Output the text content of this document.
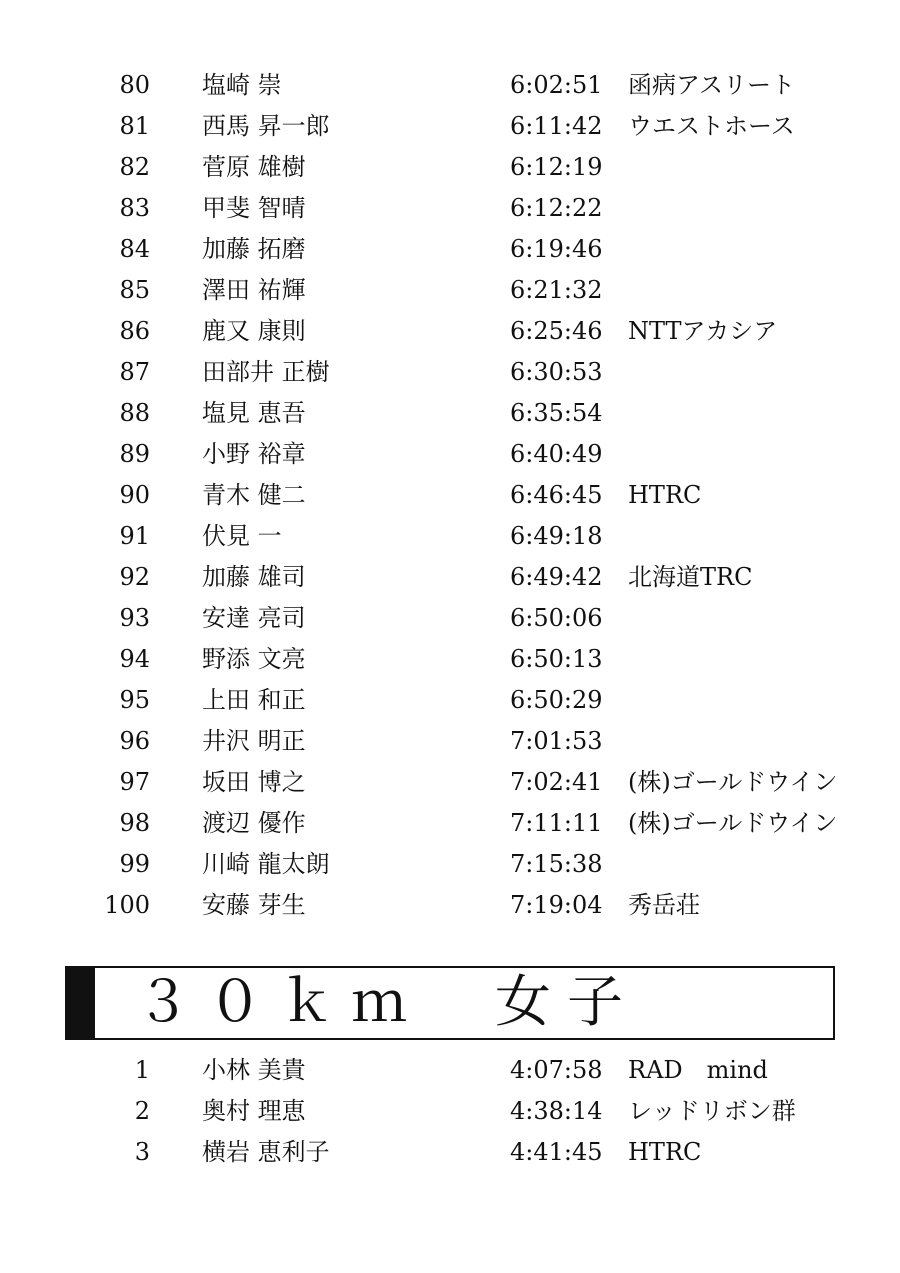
80 塩崎 崇	6:02:51 函病アスリート
81 西馬 昇一郎	6:11:42 ウエストホース
82 菅原 雄樹	6:12:19
83 甲斐 智晴	6:12:22
84 加藤 拓磨	6:19:46
85 澤田 祐輝	6:21:32
86 鹿又 康則	6:25:46 NTTアカシア
87 田部井 正樹	6:30:53
88 塩見 恵吾	6:35:54
89 小野 裕章	6:40:49
90 青木 健二	6:46:45 HTRC
91 伏見 一	6:49:18
92 加藤 雄司	6:49:42 北海道TRC
93 安達 亮司	6:50:06
94 野添 文亮	6:50:13
95 上田 和正	6:50:29
96 井沢 明正	7:01:53
97 坂田 博之	7:02:41 (株)ゴールドウイン
98 渡辺 優作	7:11:11 (株)ゴールドウイン
99 川崎 龍太朗	7:15:38
100 安藤 芽生	7:19:04 秀岳荘
３０ｋｍ　女子
1 小林 美貴	4:07:58 RAD　mind
2 奥村 理恵	4:38:14 レッドリボン群
3 横岩 恵利子	4:41:45 HTRC
